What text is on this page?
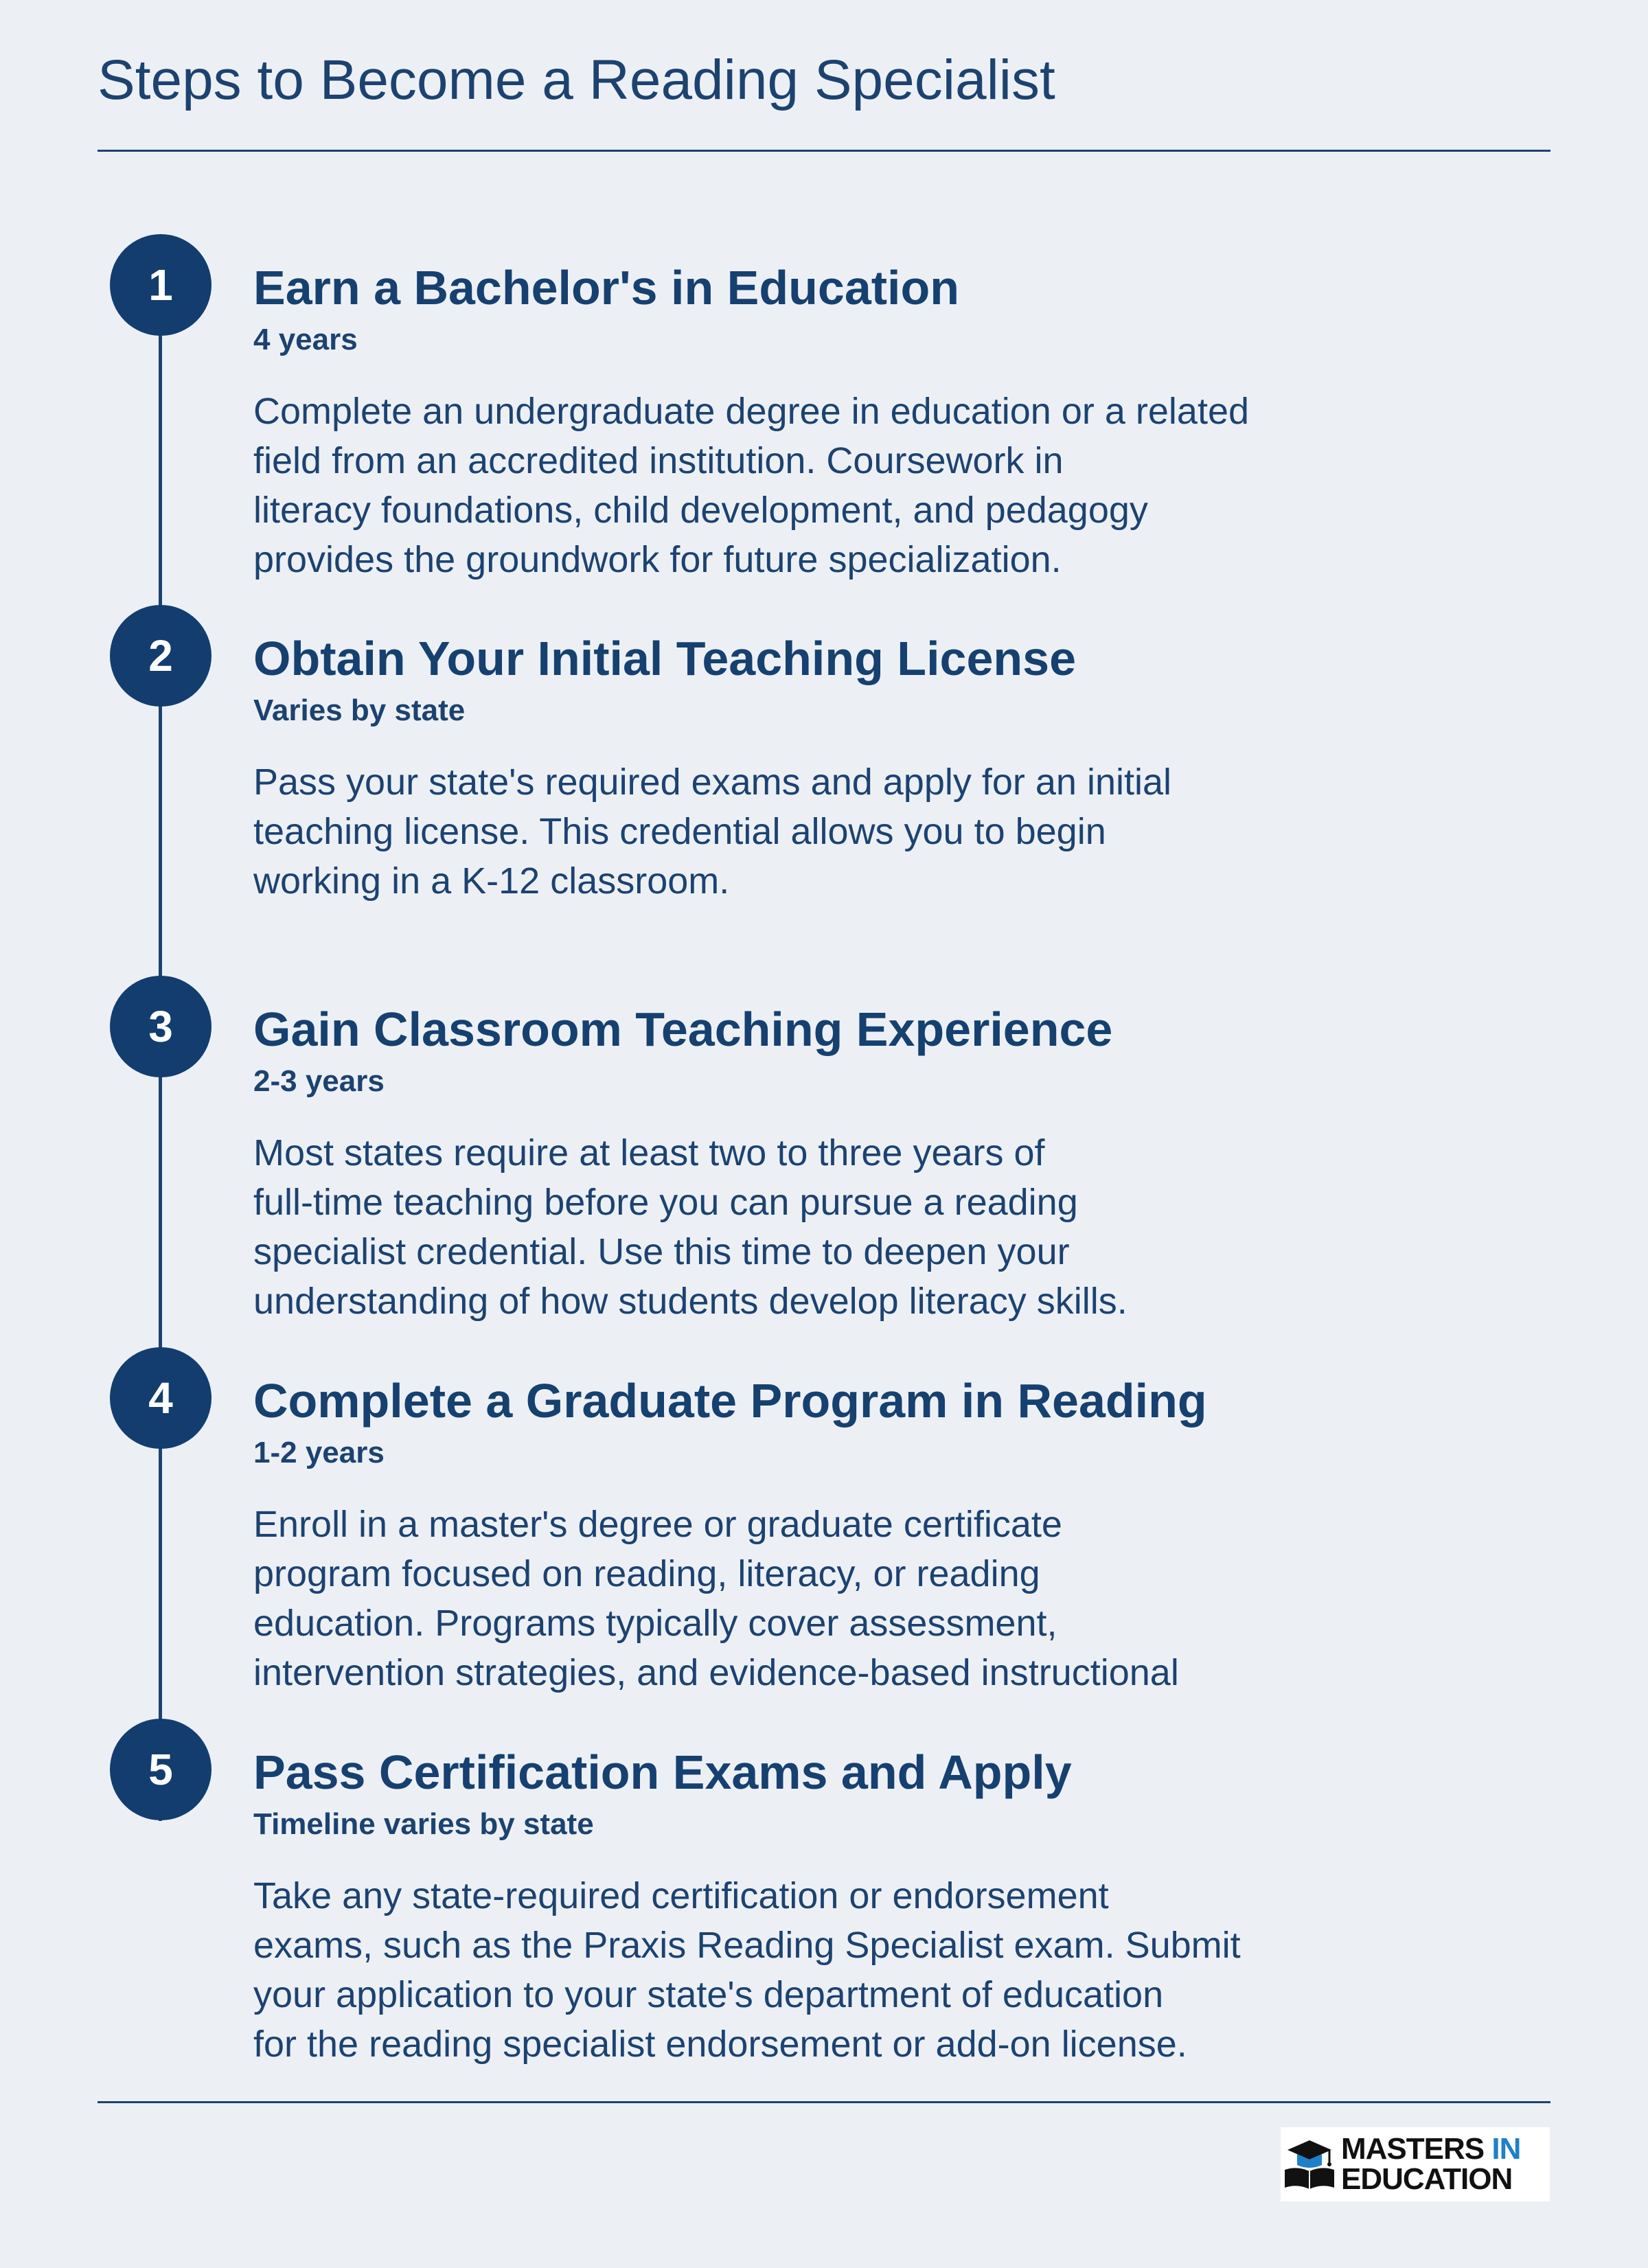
Steps to Become a Reading Specialist
1	Earn a Bachelor's in Education
4 years

Complete an undergraduate degree in education or a related
field from an accredited institution. Coursework in
literacy foundations, child development, and pedagogy
provides the groundwork for future specialization.

2	Obtain Your Initial Teaching License
Varies by state

Pass your state's required exams and apply for an initial
teaching license. This credential allows you to begin
working in a K-12 classroom.

3	Gain Classroom Teaching Experience
2-3 years

Most states require at least two to three years of
full-time teaching before you can pursue a reading
specialist credential. Use this time to deepen your
understanding of how students develop literacy skills.

4	Complete a Graduate Program in Reading
1-2 years

Enroll in a master's degree or graduate certificate
program focused on reading, literacy, or reading
education. Programs typically cover assessment,
intervention strategies, and evidence-based instructional

5	Pass Certification Exams and Apply
Timeline varies by state

Take any state-required certification or endorsement
exams, such as the Praxis Reading Specialist exam. Submit
your application to your state's department of education
for the reading specialist endorsement or add-on license.

MASTERS IN
EDUCATION
